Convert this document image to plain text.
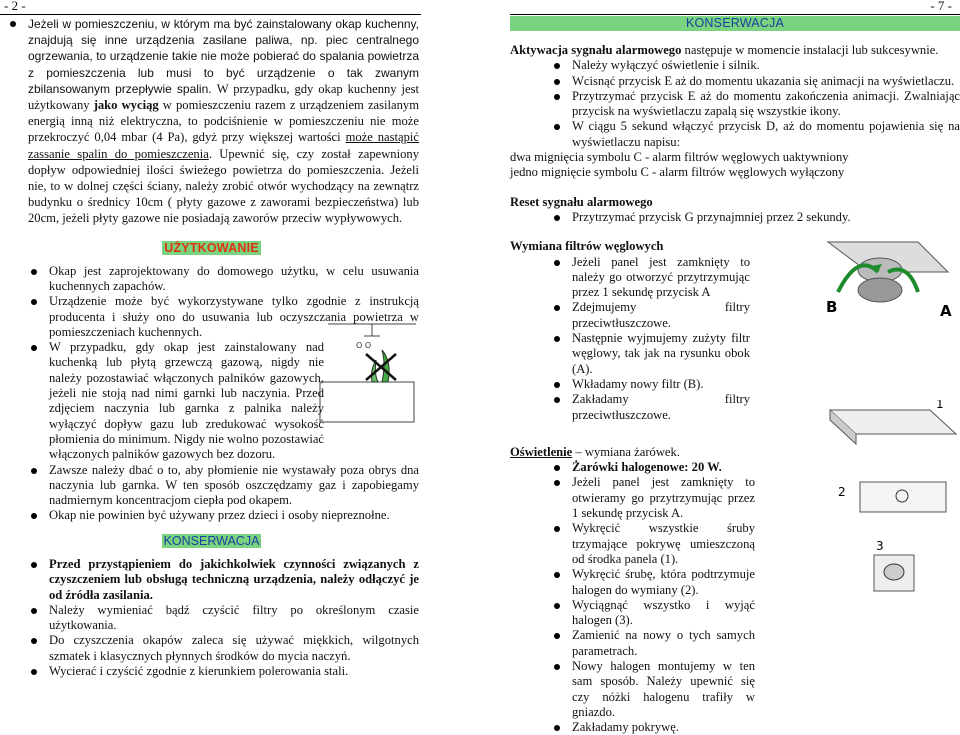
- 2 -	- 7 -
Jeżeli w pomieszczeniu, w którym ma być zainstalowany okap kuchenny, znajdują się inne urządzenia zasilane paliwa, np. piec centralnego ogrzewania, to urządzenie takie nie może pobierać do spalania powietrza z pomieszczenia lub musi to być urządzenie o tak zwanym zbilansowanym przepływie spalin. W przypadku, gdy okap kuchenny jest użytkowany jako wyciąg w pomieszczeniu razem z urządzeniem zasilanym energią inną niż elektryczna, to podciśnienie w pomieszczeniu nie może przekroczyć 0,04 mbar (4 Pa), gdyż przy większej wartości może nastąpić zassanie spalin do pomieszczenia. Upewnić się, czy został zapewniony dopływ odpowiedniej ilości świeżego powietrza do pomieszczenia. Jeżeli nie, to w dolnej części ściany, należy zrobić otwór wychodzący na zewnątrz budynku o średnicy 10cm ( płyty gazowe z zaworami bezpieczeństwa) lub 20cm, jeżeli płyty gazowe nie posiadają zaworów przeciw wypływowych.
UŻYTKOWANIE
Okap jest zaprojektowany do domowego użytku, w celu usuwania kuchennych zapachów.
Urządzenie może być wykorzystywane tylko zgodnie z instrukcją producenta i służy ono do usuwania lub oczyszczania powietrza w pomieszczeniach kuchennych.
W przypadku, gdy okap jest zainstalowany nad kuchenką lub płytą grzewczą gazową, nigdy nie należy pozostawiać włączonych palników gazowych, jeżeli nie stoją nad nimi garnki lub naczynia. Przed zdjęciem naczynia lub garnka z palnika należy wyłączyć dopływ gazu lub zredukować wysokość płomienia do minimum. Nigdy nie wolno pozostawiać włączonych palników gazowych bez dozoru.
Zawsze należy dbać o to, aby płomienie nie wystawały poza obrys dna naczynia lub garnka. W ten sposób oszczędzamy gaz i zapobiegamy nadmiernym koncentracjom ciepła pod okapem.
Okap nie powinien być używany przez dzieci i osoby niepreznołne.
KONSERWACJA
Przed przystąpieniem do jakichkolwiek czynności związanych z czyszczeniem lub obsługą techniczną urządzenia, należy odłączyć je od źródła zasilania.
Należy wymieniać bądź czyścić filtry po określonym czasie użytkowania.
Do czyszczenia okapów zaleca się używać miękkich, wilgotnych szmatek i klasycznych płynnych środków do mycia naczyń.
Wycierać i czyścić zgodnie z kierunkiem polerowania stali.
O O
KONSERWACJA

Aktywacja sygnału alarmowego następuje w momencie instalacji lub sukcesywnie.

Należy wyłączyć oświetlenie i silnik.
Wcisnąć przycisk E aż do momentu ukazania się animacji na wyświetlaczu.
Przytrzymać przycisk E aż do momentu zakończenia animacji. Zwalniając przycisk na wyświetlaczu zapalą się wszystkie ikony.
W ciągu 5 sekund włączyć przycisk D, aż do momentu pojawienia się na wyświetlaczu napisu:

dwa mignięcia symbolu C - alarm filtrów węglowych uaktywniony

jedno mignięcie symbolu C - alarm filtrów węglowych wyłączony

Reset sygnału alarmowego

Przytrzymać przycisk G przynajmniej przez 2 sekundy.

Wymiana filtrów węglowych

Jeżeli panel jest zamknięty to należy go otworzyć przytrzymując przez 1 sekundę przycisk A
Zdejmujemy filtry przeciwtłuszczowe.
Następnie wyjmujemy zużyty filtr węglowy, tak jak na rysunku obok (A).
Wkładamy nowy filtr (B).
Zakładamy filtry przeciwtłuszczowe.

Oświetlenie – wymiana żarówek.

Żarówki halogenowe: 20 W.
Jeżeli panel jest zamknięty to otwieramy go przytrzymując przez 1 sekundę przycisk A.
Wykręcić wszystkie śruby trzymające pokrywę umieszczoną od środka panela (1).
Wykręcić śrubę, która podtrzymuje halogen do wymiany (2).
Wyciągnąć wszystko i wyjąć halogen (3).
Zamienić na nowy o tych samych parametrach.
Nowy halogen montujemy w ten sam sposób. Należy upewnić się czy nóżki halogenu trafiły w gniazdo.
Zakładamy pokrywę.
B	A
1
2
3
